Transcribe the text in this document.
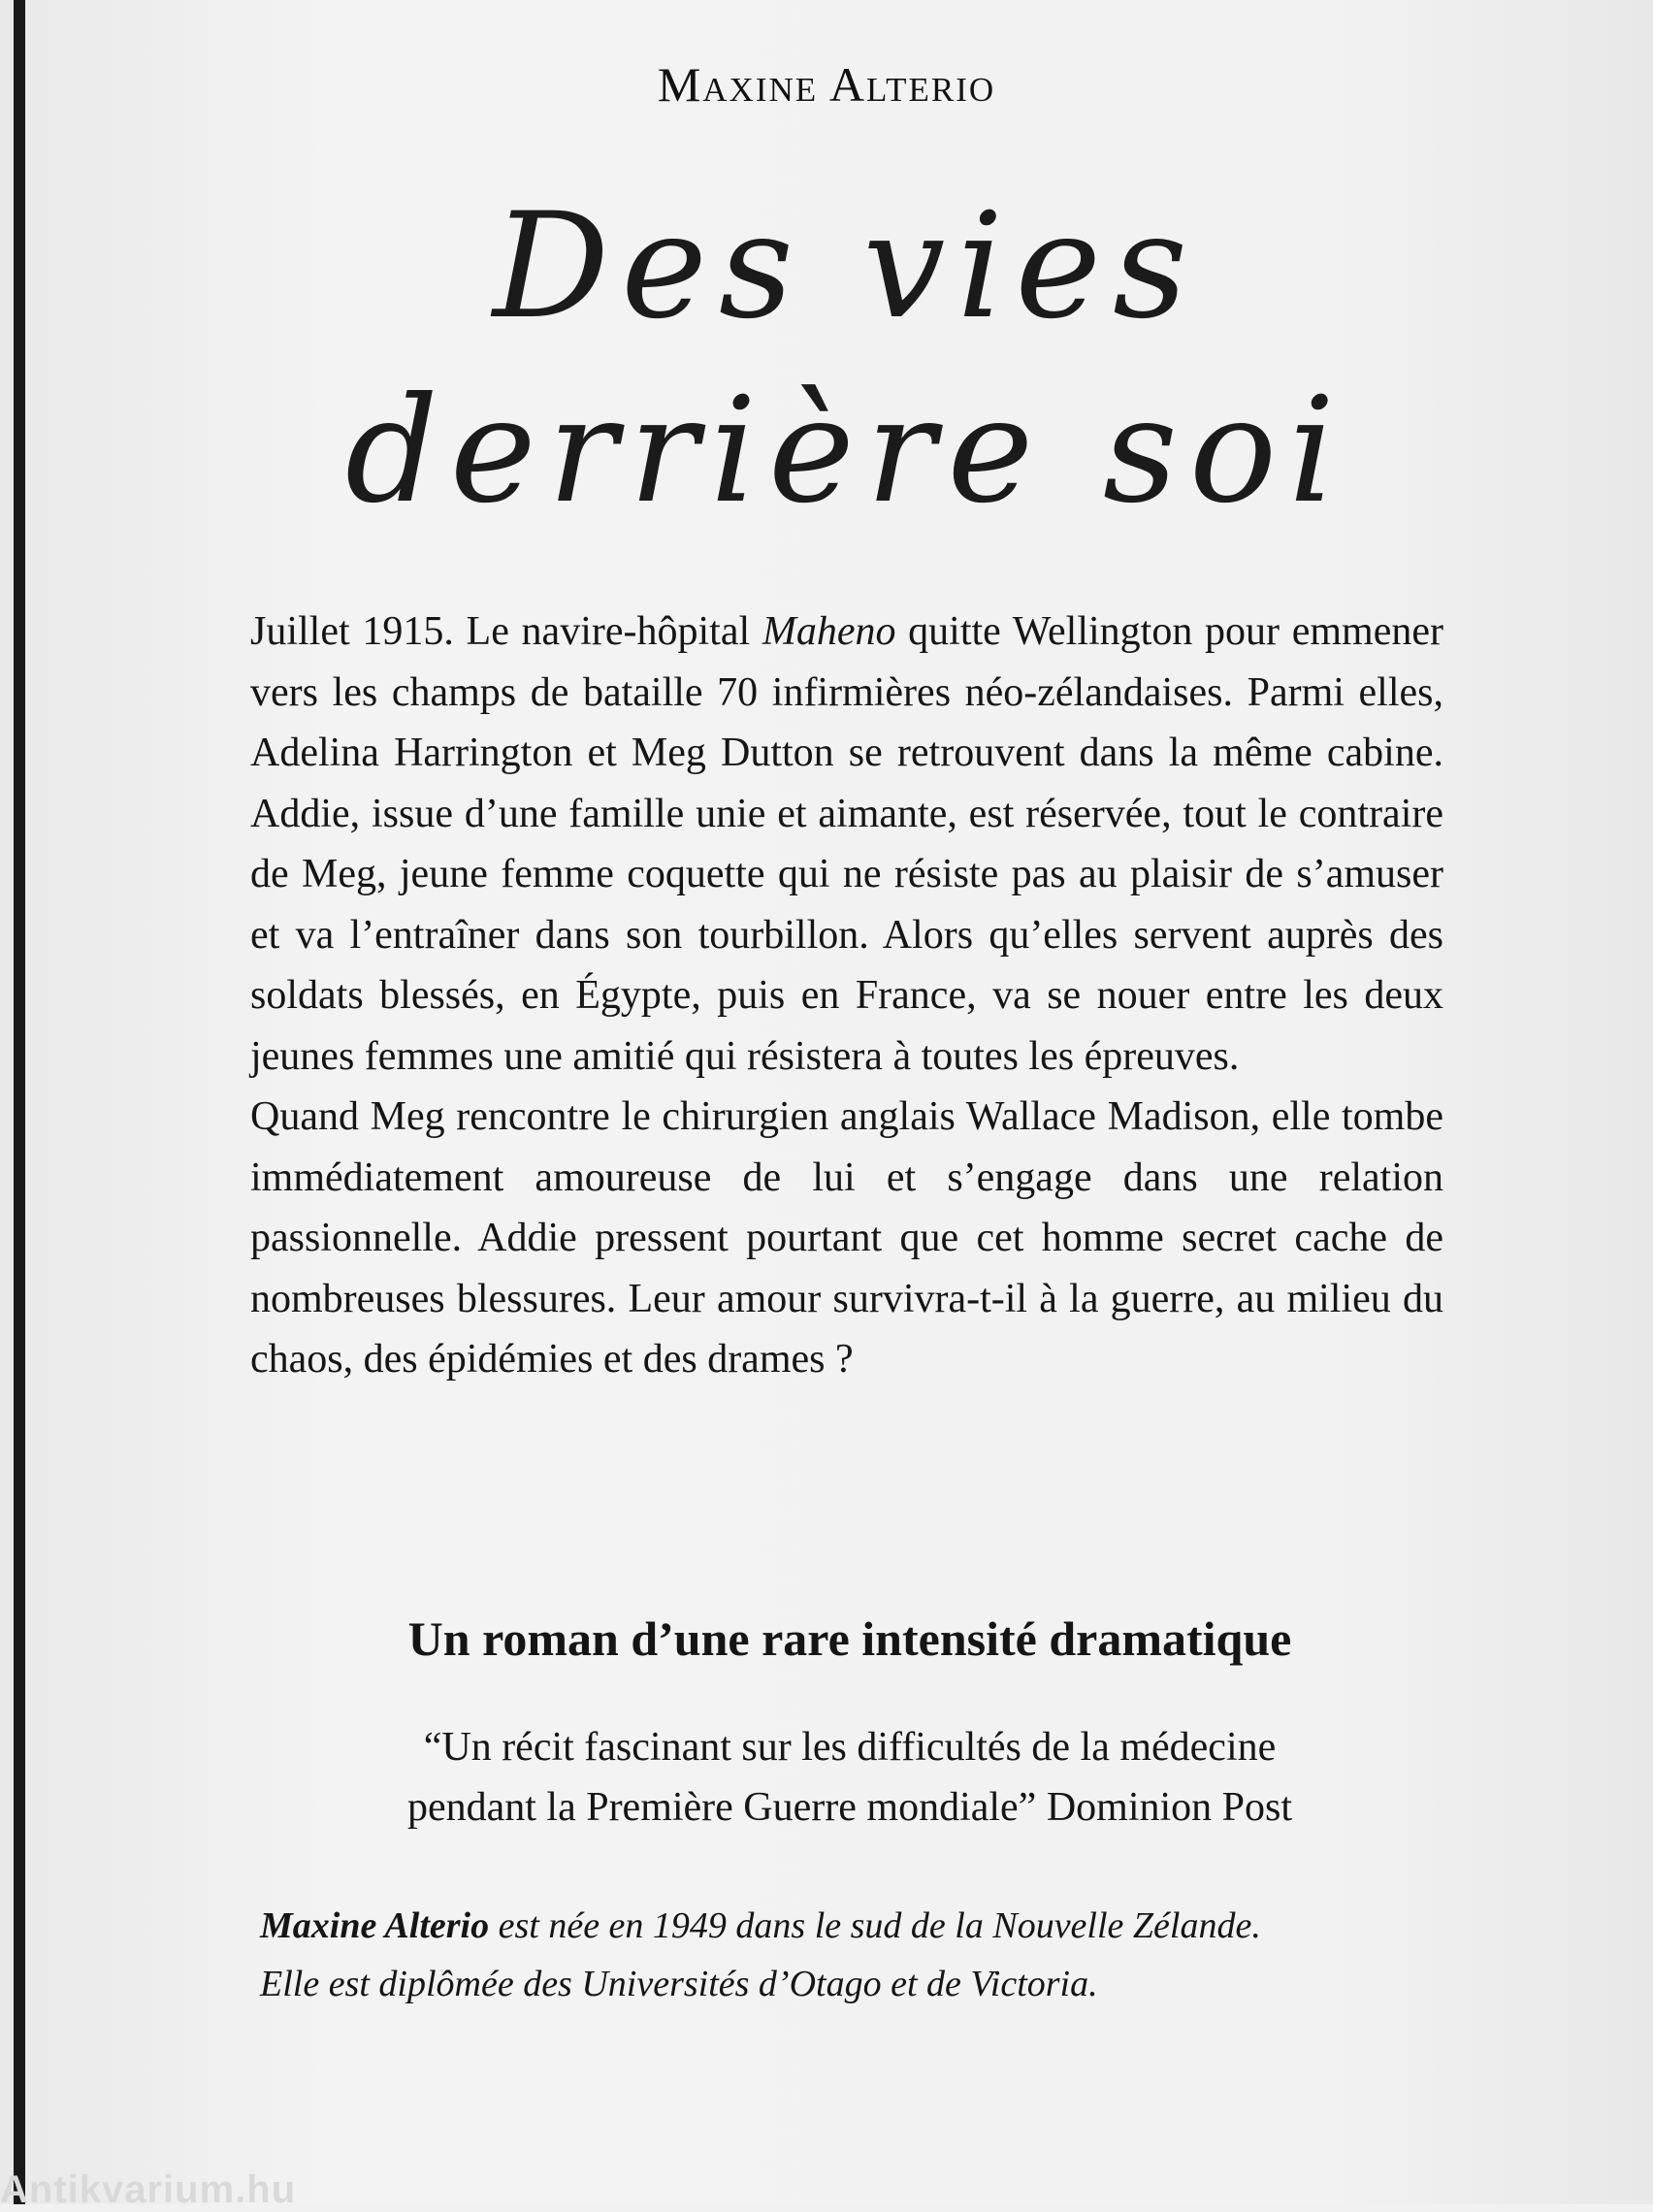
Maxine Alterio
Des vies
derrière soi

Juillet 1915. Le navire-hôpital Maheno quitte Wellington pour emmener vers les champs de bataille 70 infirmières néo-zélandaises. Parmi elles, Adelina Harrington et Meg Dutton se retrouvent dans la même cabine. Addie, issue d’une famille unie et aimante, est réservée, tout le contraire de Meg, jeune femme coquette qui ne résiste pas au plaisir de s’amuser et va l’entraîner dans son tourbillon. Alors qu’elles servent auprès des soldats blessés, en Égypte, puis en France, va se nouer entre les deux jeunes femmes une amitié qui résistera à toutes les épreuves.

Quand Meg rencontre le chirurgien anglais Wallace Madison, elle tombe immédiatement amoureuse de lui et s’engage dans une relation passionnelle. Addie pressent pourtant que cet homme secret cache de nombreuses blessures. Leur amour survivra-t-il à la guerre, au milieu du chaos, des épidémies et des drames ?

Un roman d’une rare intensité dramatique
“Un récit fascinant sur les difficultés de la médecine
pendant la Première Guerre mondiale” Dominion Post
Maxine Alterio est née en 1949 dans le sud de la Nouvelle Zélande.
Elle est diplômée des Universités d’Otago et de Victoria.
Antikvarium.hu
